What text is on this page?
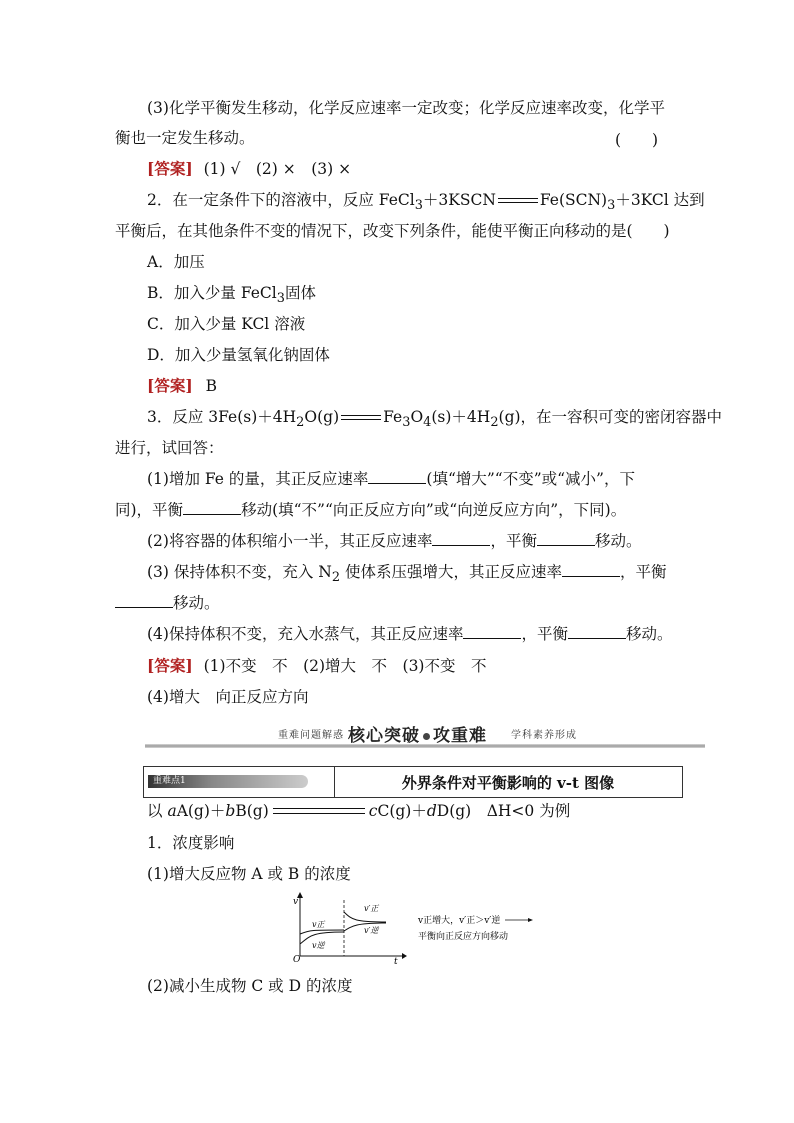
(3)化学平衡发生移动，化学反应速率一定改变；化学反应速率改变，化学平
衡也一定发生移动。	(　　)
[答案] (1) √　(2) ×　(3) ×
2．在一定条件下的溶液中，反应 FeCl$_3$＋3KSCN	$Fe(SCN)_3+3KCl$ 达到
平衡后，在其他条件不变的情况下，改变下列条件，能使平衡正向移动的是(　　)
A．加压
B．加入少量 FeCl$_3$固体
C．加入少量 KCl 溶液
D．加入少量氢氧化钠固体
[答案] B
3．反应 $3Fe(s)+4H_2O(g)$	$Fe_3O_4(s)+4H_2(g)$，在一容积可变的密闭容器中
进行，试回答：
(1)增加 Fe 的量，其正反应速率	(填“增大”“不变”或“减小”，下
同)，平衡	移动(填“不”“向正反应方向”或“向逆反应方向”，下同)。
(2)将容器的体积缩小一半，其正反应速率	，平衡	移动。
(3) 保持体积不变，充入 $N_2$ 使体系压强增大，其正反应速率	，平衡
移动。
(4)保持体积不变，充入水蒸气，其正反应速率	，平衡	移动。
[答案] (1)不变　不　(2)增大　不　(3)不变　不
(4)增大　向正反应方向
重难问题解惑 核心突破 攻重难 学科素养形成
重难点1	外界条件对平衡影响的 v-t 图像
以 aA(g)＋bB(g)	cC(g)＋dD(g)　ΔH<0 为例
1．浓度影响
(1)增大反应物 A 或 B 的浓度
v
t
O
v正
v逆
v′正
v′逆
v正增大，v′正＞v′逆
平衡向正反应方向移动
(2)减小生成物 C 或 D 的浓度
